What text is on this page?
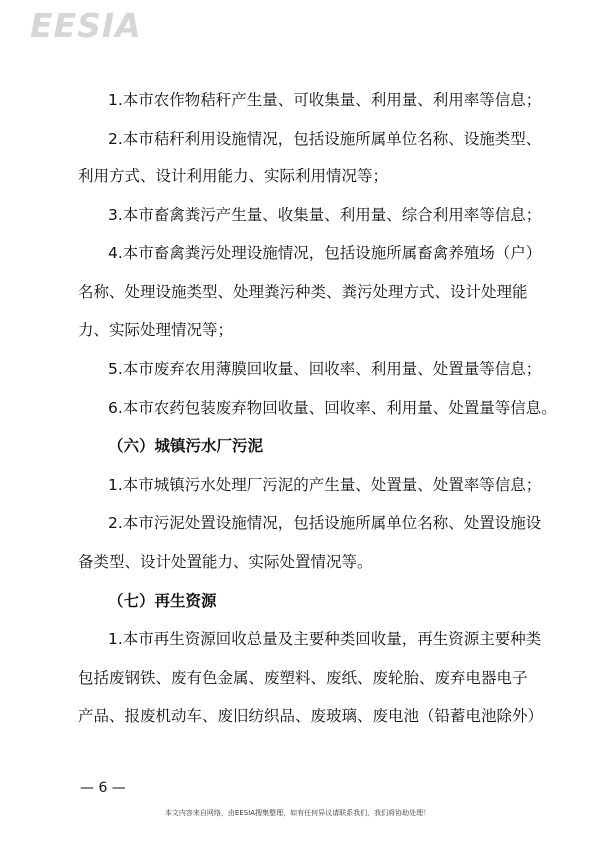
EESIA
1.本市农作物秸秆产生量、可收集量、利用量、利用率等信息；
2.本市秸秆利用设施情况，包括设施所属单位名称、设施类型、
利用方式、设计利用能力、实际利用情况等；
3.本市畜禽粪污产生量、收集量、利用量、综合利用率等信息；
4.本市畜禽粪污处理设施情况，包括设施所属畜禽养殖场（户）
名称、处理设施类型、处理粪污种类、粪污处理方式、设计处理能
力、实际处理情况等；
5.本市废弃农用薄膜回收量、回收率、利用量、处置量等信息；
6.本市农药包装废弃物回收量、回收率、利用量、处置量等信息。
（六）城镇污水厂污泥
1.本市城镇污水处理厂污泥的产生量、处置量、处置率等信息；
2.本市污泥处置设施情况，包括设施所属单位名称、处置设施设
备类型、设计处置能力、实际处置情况等。
（七）再生资源
1.本市再生资源回收总量及主要种类回收量，再生资源主要种类
包括废钢铁、废有色金属、废塑料、废纸、废轮胎、废弃电器电子
产品、报废机动车、废旧纺织品、废玻璃、废电池（铅蓄电池除外）
— 6 —
本文内容来自网络，由EESIA搜集整理，如有任何异议请联系我们，我们将协助处理！
